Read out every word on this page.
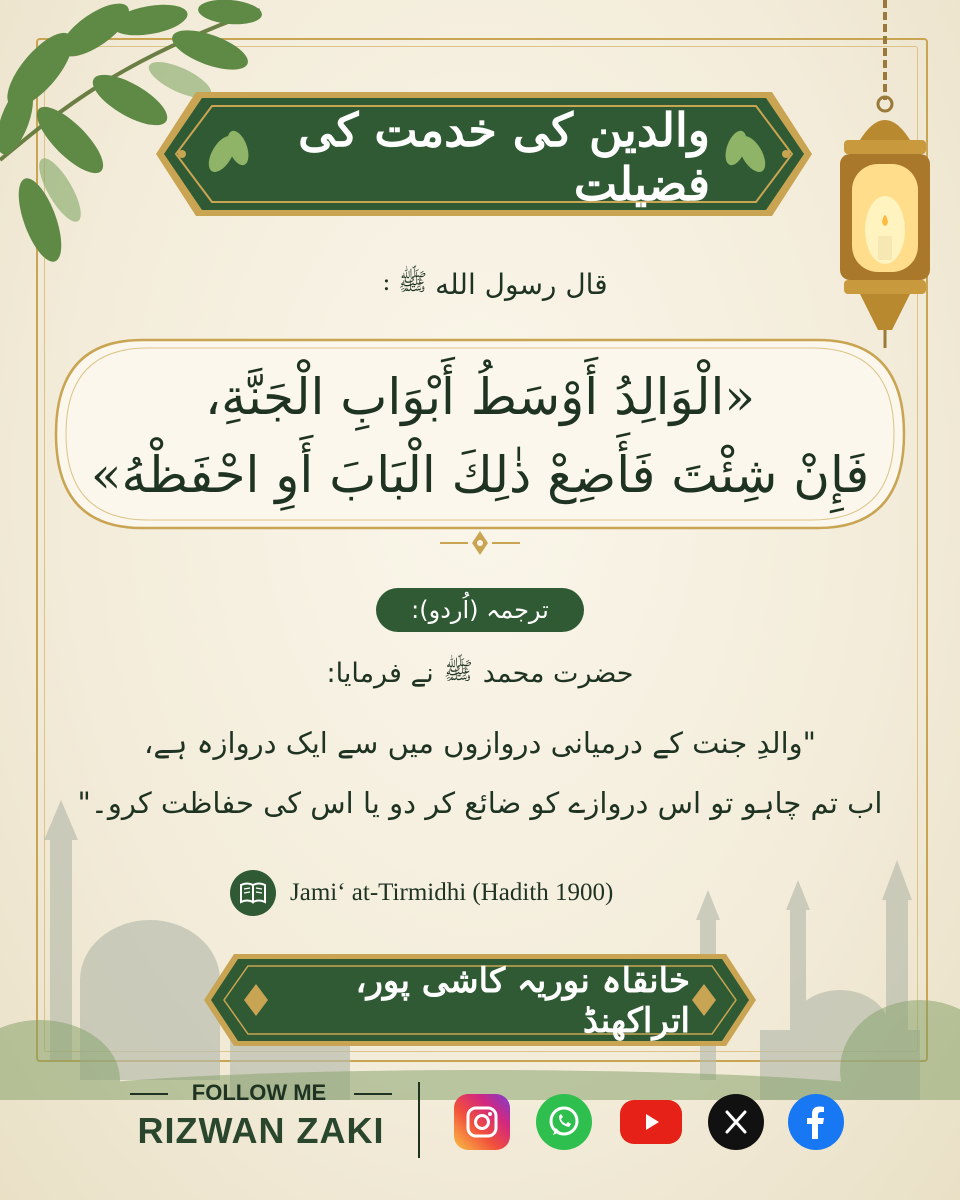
والدین کی خدمت کی فضیلت
قال رسول الله
ﷺ :
«الْوَالِدُ أَوْسَطُ أَبْوَابِ الْجَنَّةِ،
فَإِنْ شِئْتَ فَأَضِعْ ذٰلِكَ الْبَابَ أَوِ احْفَظْهُ»
ترجمہ (اُردو):
حضرت محمد
ﷺ
نے فرمایا:
"والدِ جنت کے درمیانی دروازوں میں سے ایک دروازہ ہے،
اب تم چاہو تو اس دروازے کو ضائع کر دو یا اس کی حفاظت کرو۔"
Jami‘ at-Tirmidhi (Hadith 1900)
خانقاہ نوریہ کاشی پور، اتراکھنڈ
FOLLOW ME
RIZWAN ZAKI
